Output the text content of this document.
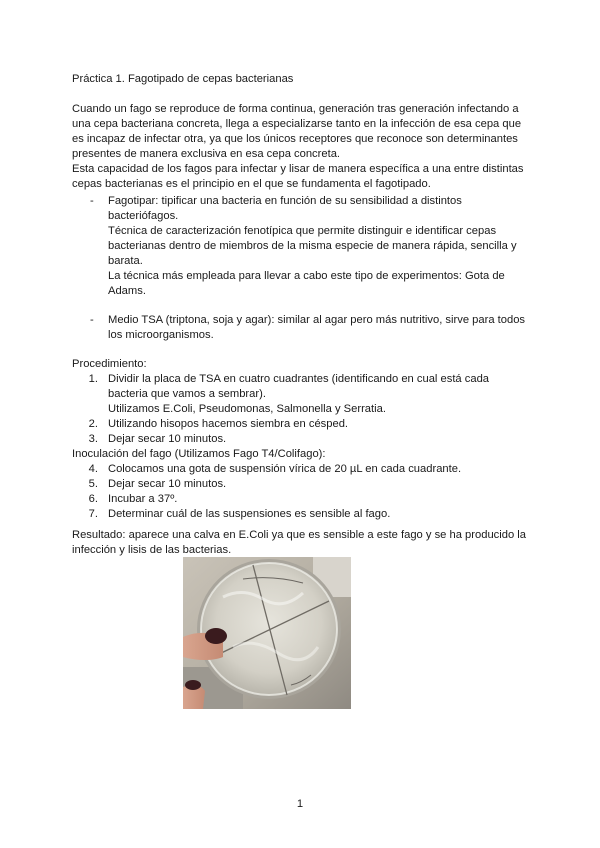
Práctica 1. Fagotipado de cepas bacterianas
Cuando un fago se reproduce de forma continua, generación tras generación infectando a
una cepa bacteriana concreta, llega a especializarse tanto en la infección de esa cepa que
es incapaz de infectar otra, ya que los únicos receptores que reconoce son determinantes
presentes de manera exclusiva en esa cepa concreta.
Esta capacidad de los fagos para infectar y lisar de manera específica a una entre distintas
cepas bacterianas es el principio en el que se fundamenta el fagotipado.
- Fagotipar: tipificar una bacteria en función de su sensibilidad a distintos
bacteriófagos.
Técnica de caracterización fenotípica que permite distinguir e identificar cepas
bacterianas dentro de miembros de la misma especie de manera rápida, sencilla y
barata.
La técnica más empleada para llevar a cabo este tipo de experimentos: Gota de
Adams.
- Medio TSA (triptona, soja y agar): similar al agar pero más nutritivo, sirve para todos
los microorganismos.
Procedimiento:
1. Dividir la placa de TSA en cuatro cuadrantes (identificando en cual está cada
bacteria que vamos a sembrar).
Utilizamos E.Coli, Pseudomonas, Salmonella y Serratia.
2. Utilizando hisopos hacemos siembra en césped.
3. Dejar secar 10 minutos.
Inoculación del fago (Utilizamos Fago T4/Colifago):
4. Colocamos una gota de suspensión vírica de 20 µL en cada cuadrante.
5. Dejar secar 10 minutos.
6. Incubar a 37º.
7. Determinar cuál de las suspensiones es sensible al fago.
Resultado: aparece una calva en E.Coli ya que es sensible a este fago y se ha producido la
infección y lisis de las bacterias.
1
